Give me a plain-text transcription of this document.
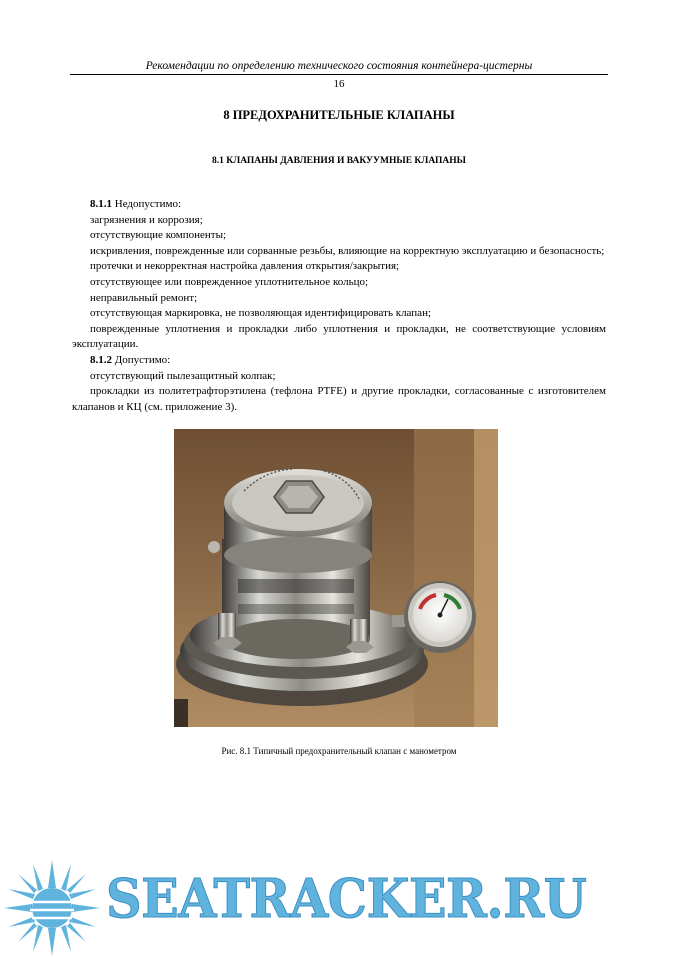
Рекомендации по определению технического состояния контейнера-цистерны
16
8 ПРЕДОХРАНИТЕЛЬНЫЕ КЛАПАНЫ
8.1 КЛАПАНЫ ДАВЛЕНИЯ И ВАКУУМНЫЕ КЛАПАНЫ

8.1.1 Недопустимо:

загрязнения и коррозия;

отсутствующие компоненты;

искривления, поврежденные или сорванные резьбы, влияющие на корректную эксплуатацию и безопасность;

протечки и некорректная настройка давления открытия/закрытия;

отсутствующее или поврежденное уплотнительное кольцо;

неправильный ремонт;

отсутствующая маркировка, не позволяющая идентифицировать клапан;

поврежденные уплотнения и прокладки либо уплотнения и прокладки, не соответствующие условиям эксплуатации.

8.1.2 Допустимо:

отсутствующий пылезащитный колпак;

прокладки из политетрафторэтилена (тефлона PTFE) и другие прокладки, согласованные с изготовителем клапанов и КЦ (см. приложение 3).

Рис. 8.1 Типичный предохранительный клапан с манометром
SEATRACKER.RU
